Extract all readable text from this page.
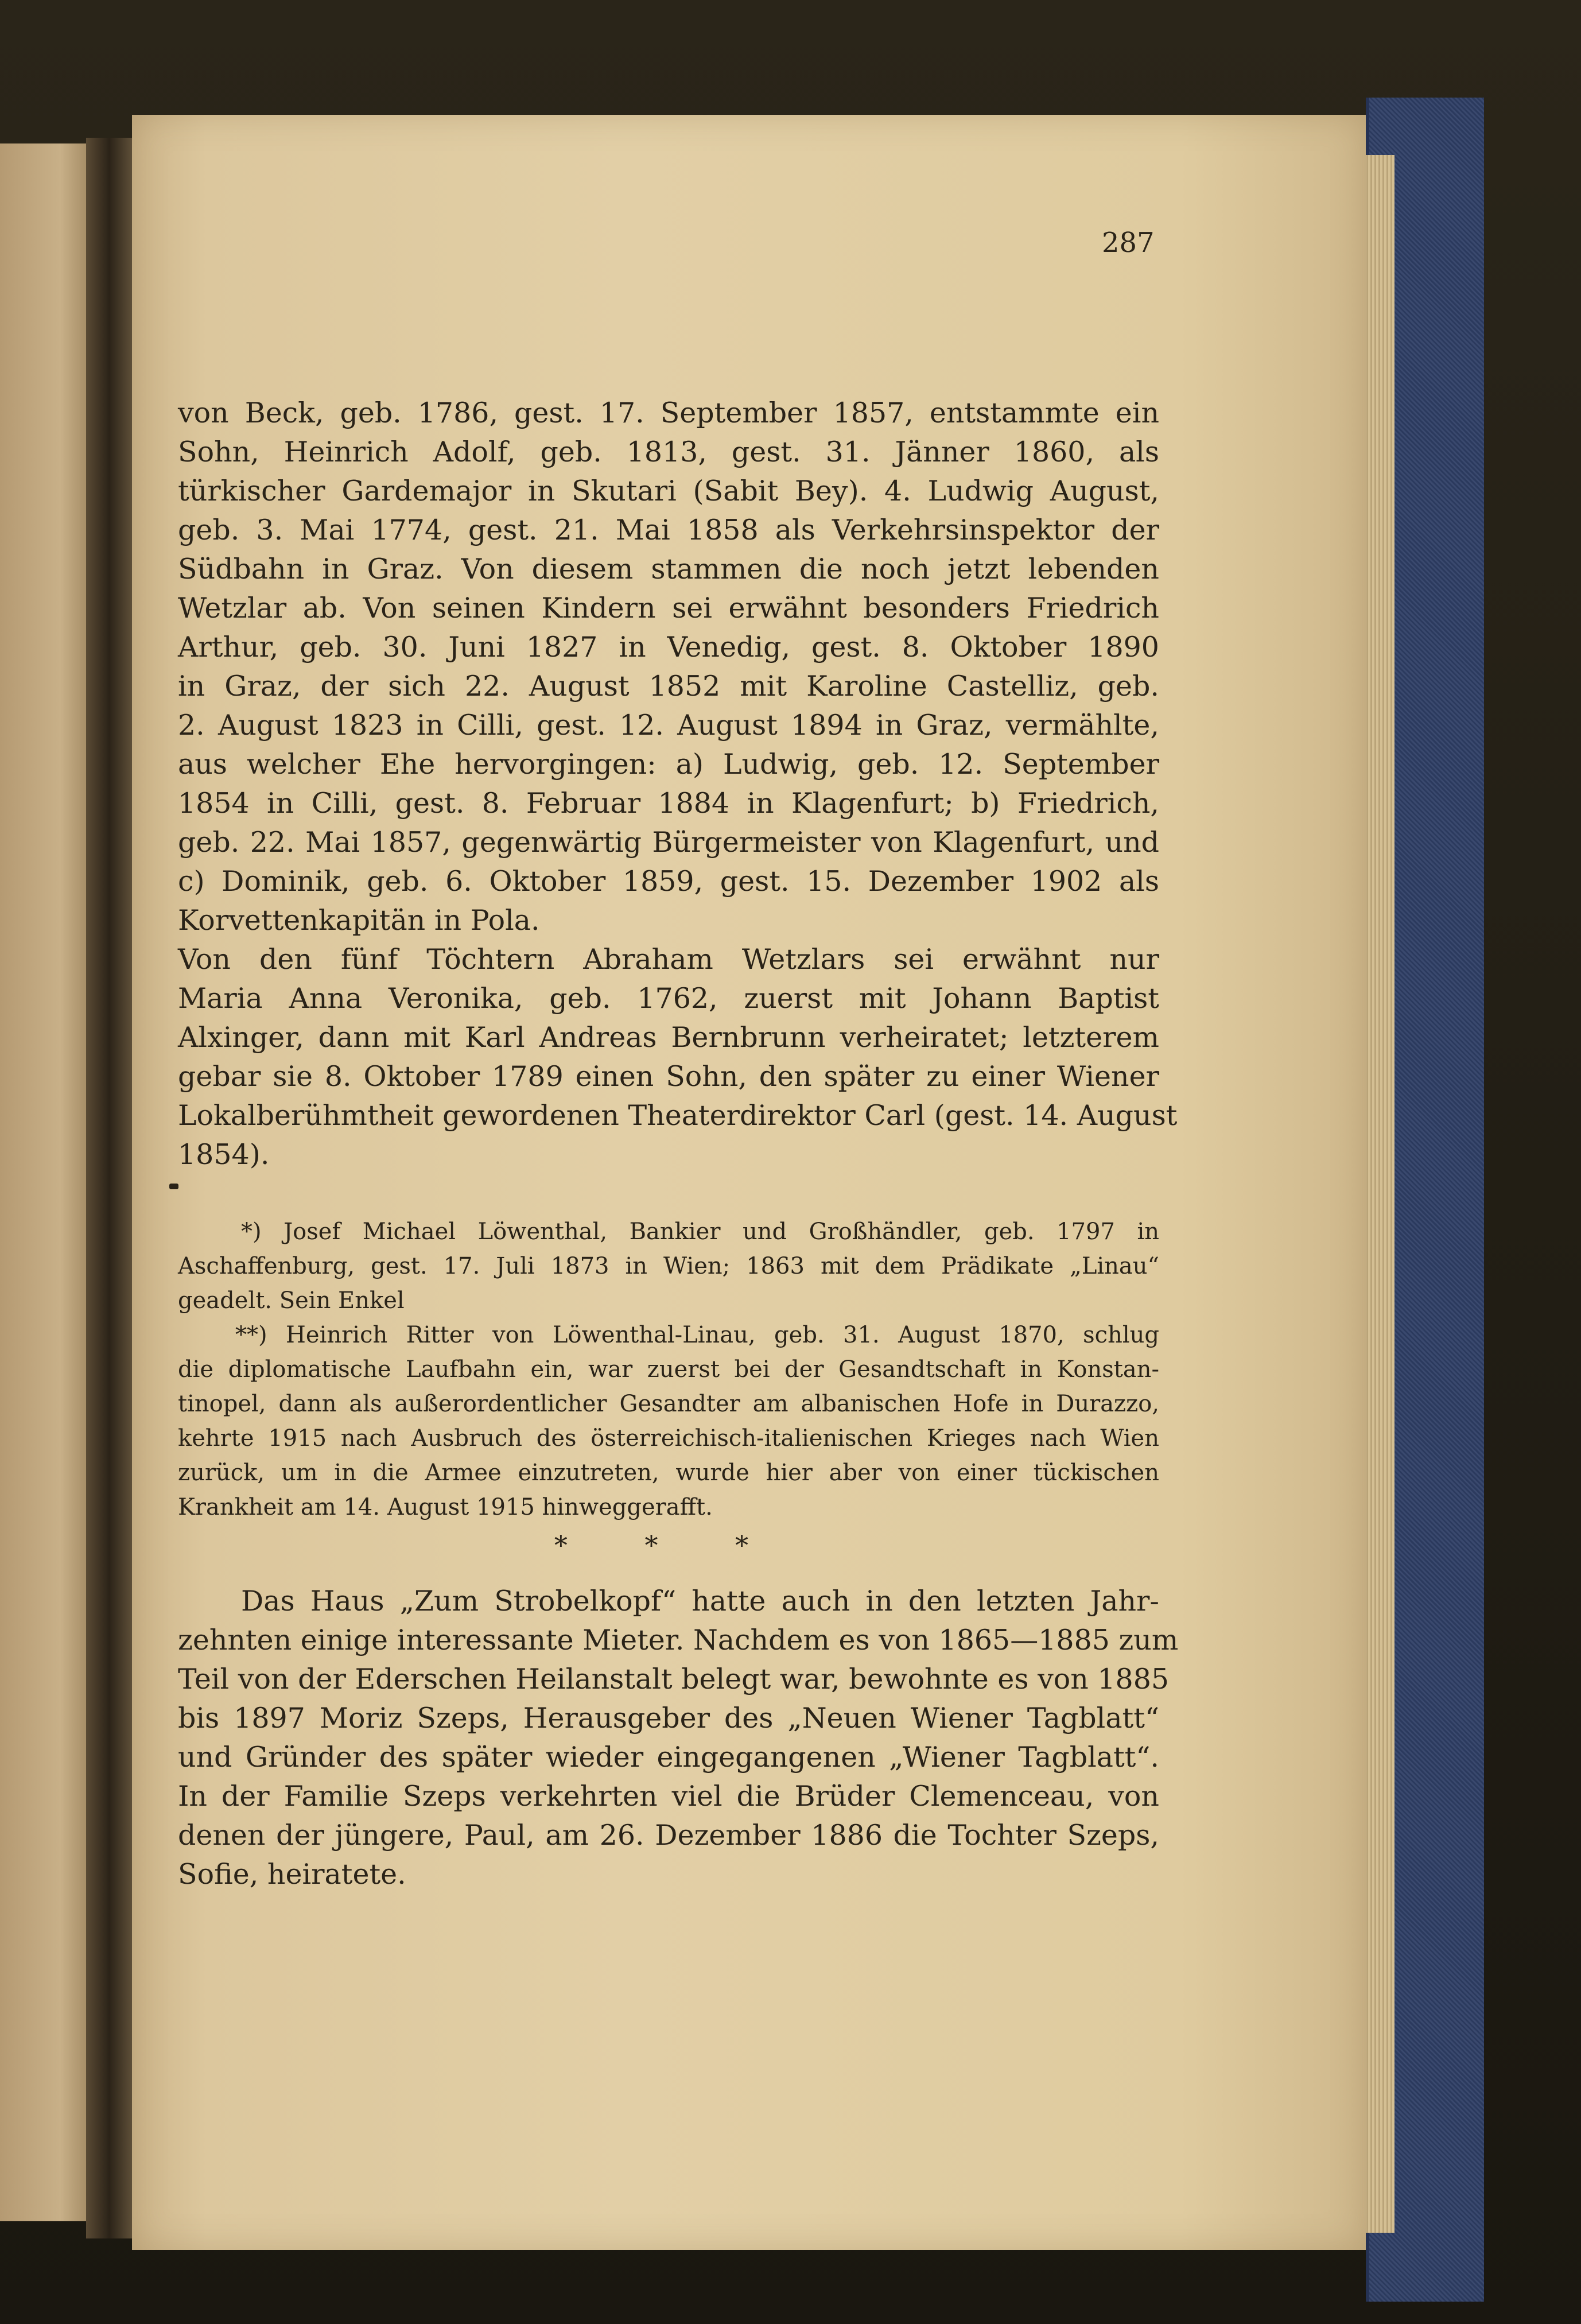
287
von Beck, geb. 1786, gest. 17. September 1857, entstammte ein
Sohn, Heinrich Adolf, geb. 1813, gest. 31. Jänner 1860, als
türkischer Gardemajor in Skutari (Sabit Bey). 4. Ludwig August,
geb. 3. Mai 1774, gest. 21. Mai 1858 als Verkehrsinspektor der
Südbahn in Graz. Von diesem stammen die noch jetzt lebenden
Wetzlar ab. Von seinen Kindern sei erwähnt besonders Friedrich
Arthur, geb. 30. Juni 1827 in Venedig, gest. 8. Oktober 1890
in Graz, der sich 22. August 1852 mit Karoline Castelliz, geb.
2. August 1823 in Cilli, gest. 12. August 1894 in Graz, vermählte,
aus welcher Ehe hervorgingen: a) Ludwig, geb. 12. September
1854 in Cilli, gest. 8. Februar 1884 in Klagenfurt; b) Friedrich,
geb. 22. Mai 1857, gegenwärtig Bürgermeister von Klagenfurt, und
c) Dominik, geb. 6. Oktober 1859, gest. 15. Dezember 1902 als
Korvettenkapitän in Pola.
Von den fünf Töchtern Abraham Wetzlars sei erwähnt nur
Maria Anna Veronika, geb. 1762, zuerst mit Johann Baptist
Alxinger, dann mit Karl Andreas Bernbrunn verheiratet; letzterem
gebar sie 8. Oktober 1789 einen Sohn, den später zu einer Wiener
Lokalberühmtheit gewordenen Theaterdirektor Carl (gest. 14. August
1854).
*) Josef Michael Löwenthal, Bankier und Großhändler, geb. 1797 in
Aschaffenburg, gest. 17. Juli 1873 in Wien; 1863 mit dem Prädikate „Linau“
geadelt. Sein Enkel
**) Heinrich Ritter von Löwenthal-Linau, geb. 31. August 1870, schlug
die diplomatische Laufbahn ein, war zuerst bei der Gesandtschaft in Konstan-
tinopel, dann als außerordentlicher Gesandter am albanischen Hofe in Durazzo,
kehrte 1915 nach Ausbruch des österreichisch-italienischen Krieges nach Wien
zurück, um in die Armee einzutreten, wurde hier aber von einer tückischen
Krankheit am 14. August 1915 hinweggerafft.
* * *
Das Haus „Zum Strobelkopf“ hatte auch in den letzten Jahr-
zehnten einige interessante Mieter. Nachdem es von 1865—1885 zum
Teil von der Ederschen Heilanstalt belegt war, bewohnte es von 1885
bis 1897 Moriz Szeps, Herausgeber des „Neuen Wiener Tagblatt“
und Gründer des später wieder eingegangenen „Wiener Tagblatt“.
In der Familie Szeps verkehrten viel die Brüder Clemenceau, von
denen der jüngere, Paul, am 26. Dezember 1886 die Tochter Szeps,
Sofie, heiratete.
